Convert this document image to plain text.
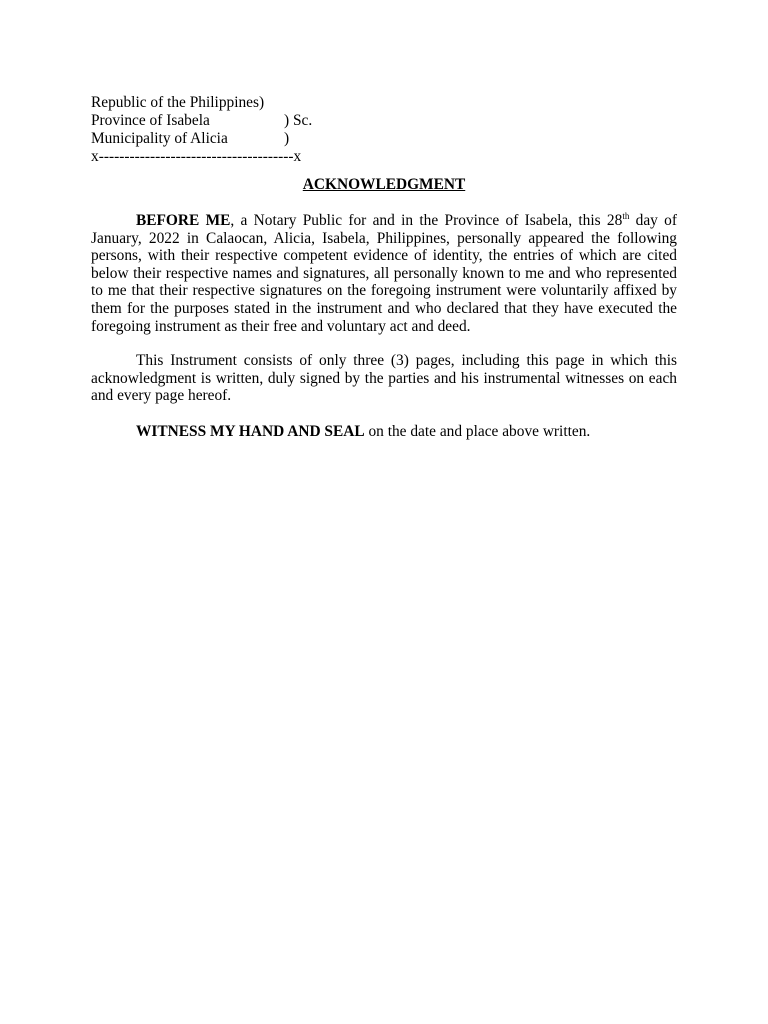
Republic of the Philippines)
Province of Isabela	) Sc.
Municipality of Alicia	)
x--------------------------------------x
ACKNOWLEDGMENT

BEFORE ME, a Notary Public for and in the Province of Isabela, this 28th day of January, 2022 in Calaocan, Alicia, Isabela, Philippines, personally appeared the following persons, with their respective competent evidence of identity, the entries of which are cited below their respective names and signatures, all personally known to me and who represented to me that their respective signatures on the foregoing instrument were voluntarily affixed by them for the purposes stated in the instrument and who declared that they have executed the foregoing instrument as their free and voluntary act and deed.

This Instrument consists of only three (3) pages, including this page in which this acknowledgment is written, duly signed by the parties and his instrumental witnesses on each and every page hereof.

WITNESS MY HAND AND SEAL on the date and place above written.
